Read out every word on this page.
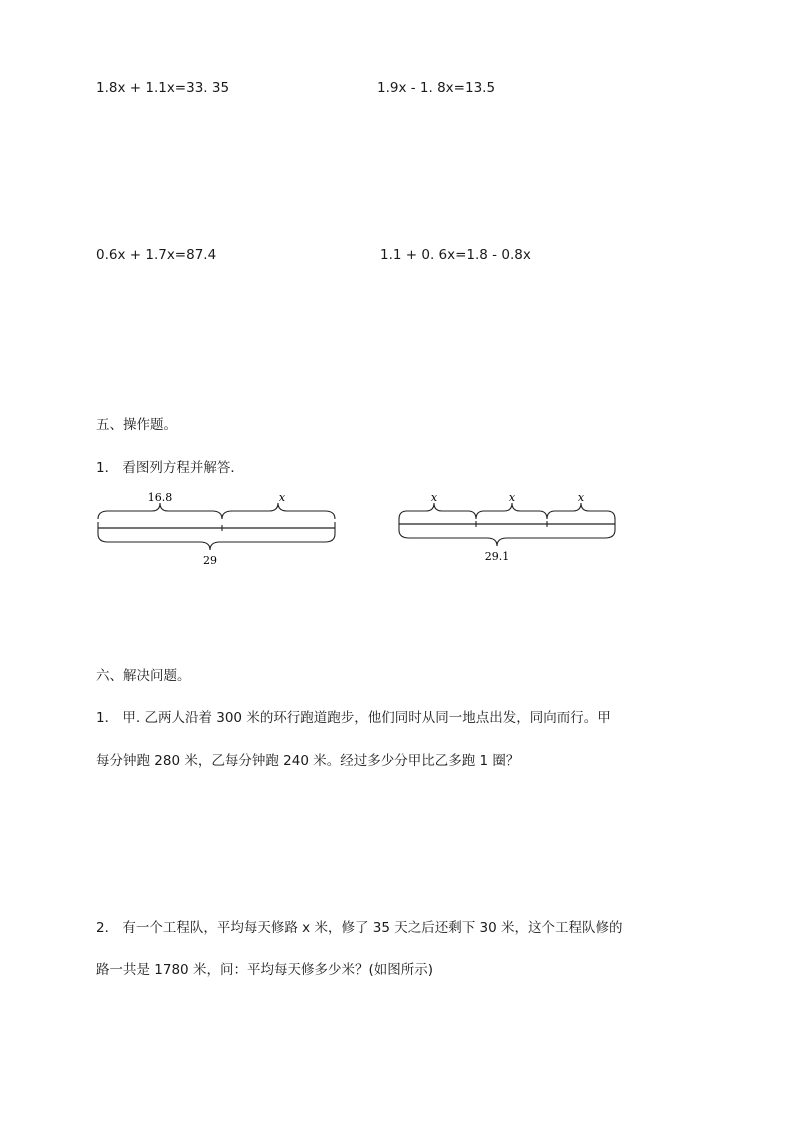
1.8x + 1.1x=33. 35	1.9x - 1. 8x=13.5
0.6x + 1.7x=87.4	1.1 + 0. 6x=1.8 - 0.8x
五、操作题。
1． 看图列方程并解答．
16.8	x
29
x	x	x
29.1
六、解决问题。
1． 甲. 乙两人沿着 300 米的环行跑道跑步，他们同时从同一地点出发，同向而行。甲
每分钟跑 280 米，乙每分钟跑 240 米。经过多少分甲比乙多跑 1 圈？
2． 有一个工程队，平均每天修路 x 米，修了 35 天之后还剩下 30 米，这个工程队修的
路一共是 1780 米，问：平均每天修多少米？(如图所示)
